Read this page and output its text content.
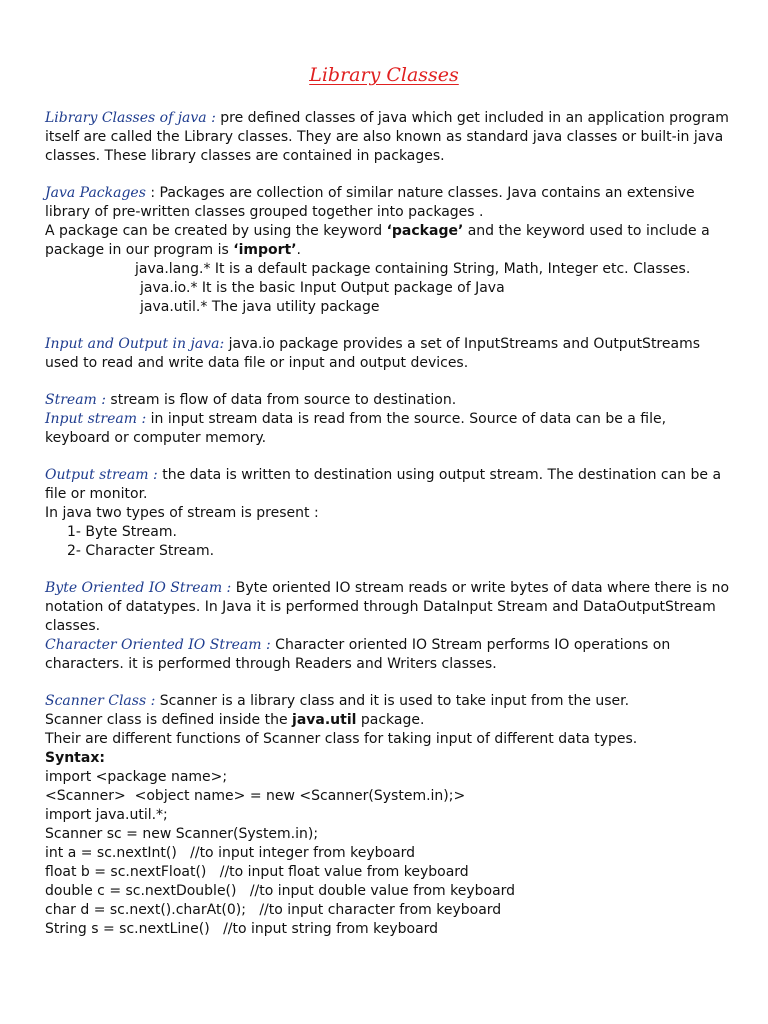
Library Classes
Library Classes of java : pre defined classes of java which get included in an application program itself are called the Library classes. They are also known as standard java classes or built-in java classes. These library classes are contained in packages.
Java Packages : Packages are collection of similar nature classes. Java contains an extensive library of pre-written classes grouped together into packages .
A package can be created by using the keyword ‘package’ and the keyword used to include a package in our program is ‘import’.
java.lang.* It is a default package containing String, Math, Integer etc. Classes.
java.io.* It is the basic Input Output package of Java
java.util.* The java utility package
Input and Output in java: java.io package provides a set of InputStreams and OutputStreams used to read and write data file or input and output devices.
Stream : stream is flow of data from source to destination.
Input stream : in input stream data is read from the source. Source of data can be a file, keyboard or computer memory.
Output stream : the data is written to destination using output stream. The destination can be a file or monitor.
In java two types of stream is present :
1- Byte Stream.
2- Character Stream.
Byte Oriented IO Stream : Byte oriented IO stream reads or write bytes of data where there is no notation of datatypes. In Java it is performed through DataInput Stream and DataOutputStream classes.
Character Oriented IO Stream : Character oriented IO Stream performs IO operations on characters. it is performed through Readers and Writers classes.
Scanner Class : Scanner is a library class and it is used to take input from the user.
Scanner class is defined inside the java.util package.
Their are different functions of Scanner class for taking input of different data types.
Syntax:
import <package name>;
<Scanner>  <object name> = new <Scanner(System.in);>
import java.util.*;
Scanner sc = new Scanner(System.in);
int a = sc.nextInt()   //to input integer from keyboard
float b = sc.nextFloat()   //to input float value from keyboard
double c = sc.nextDouble()   //to input double value from keyboard
char d = sc.next().charAt(0);   //to input character from keyboard
String s = sc.nextLine()   //to input string from keyboard
